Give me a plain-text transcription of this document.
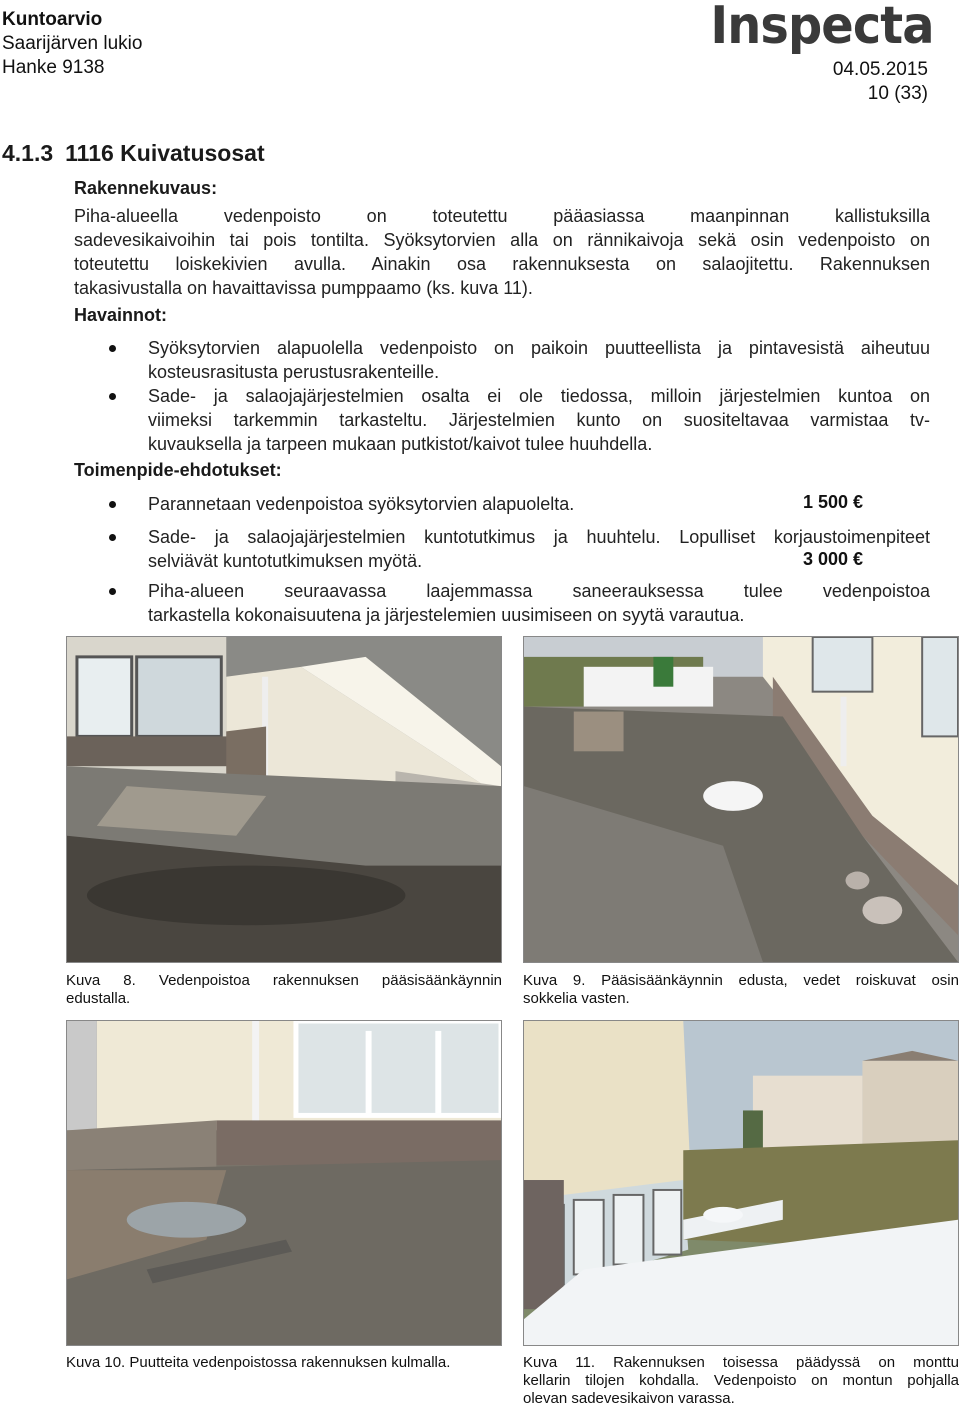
Kuntoarvio
Saarijärven lukio
Hanke 9138
Inspecta
04.05.2015
10 (33)
4.1.3 1116 Kuivatusosat
Rakennekuvaus:
Piha-alueella vedenpoisto on toteutettu pääasiassa maanpinnan kallistuksilla
sadevesikaivoihin tai pois tontilta. Syöksytorvien alla on rännikaivoja sekä osin vedenpoisto on
toteutettu loiskekivien avulla. Ainakin osa rakennuksesta on salaojitettu. Rakennuksen
takasivustalla on havaittavissa pumppaamo (ks. kuva 11).
Havainnot:
Syöksytorvien alapuolella vedenpoisto on paikoin puutteellista ja pintavesistä aiheutuu
kosteusrasitusta perustusrakenteille.
Sade- ja salaojajärjestelmien osalta ei ole tiedossa, milloin järjestelmien kuntoa on
viimeksi tarkemmin tarkasteltu. Järjestelmien kunto on suositeltavaa varmistaa tv-
kuvauksella ja tarpeen mukaan putkistot/kaivot tulee huuhdella.
Toimenpide-ehdotukset:
Parannetaan vedenpoistoa syöksytorvien alapuolelta.	1 500 €
Sade- ja salaojajärjestelmien kuntotutkimus ja huuhtelu. Lopulliset korjaustoimenpiteet
selviävät kuntotutkimuksen myötä.	3 000 €
Piha-alueen seuraavassa laajemmassa saneerauksessa tulee vedenpoistoa
tarkastella kokonaisuutena ja järjestelemien uusimiseen on syytä varautua.
Kuva 8. Vedenpoistoa rakennuksen pääsisäänkäynnin
edustalla.
Kuva 9. Pääsisäänkäynnin edusta, vedet roiskuvat osin
sokkelia vasten.
Kuva 10. Puutteita vedenpoistossa rakennuksen kulmalla.	Kuva 11. Rakennuksen toisessa päädyssä on monttu
kellarin tilojen kohdalla. Vedenpoisto on montun pohjalla
olevan sadevesikaivon varassa.
